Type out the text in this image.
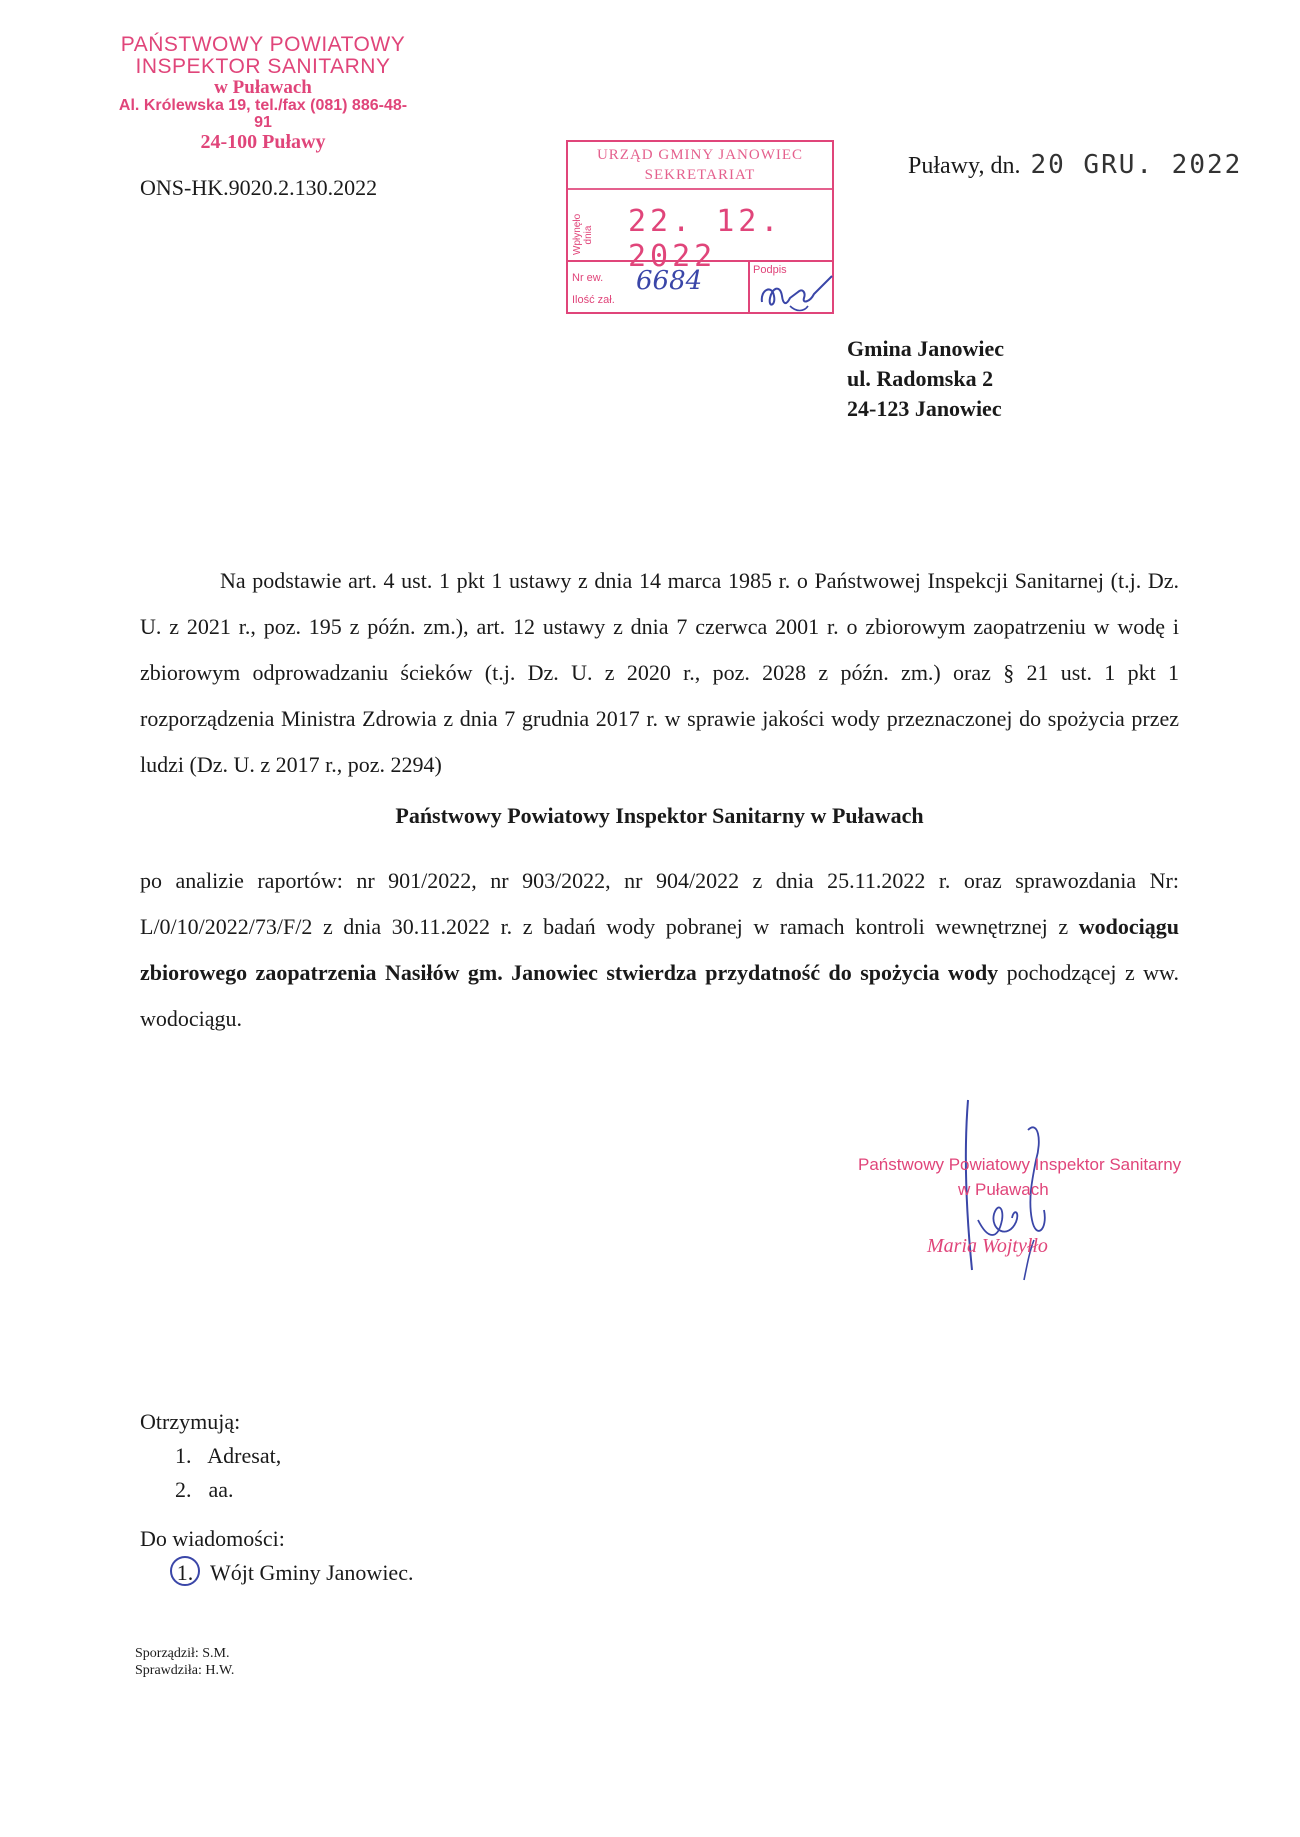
PAŃSTWOWY POWIATOWY
INSPEKTOR SANITARNY
w Puławach
Al. Królewska 19, tel./fax (081) 886-48-91
24-100 Puławy
ONS-HK.9020.2.130.2022
URZĄD GMINY JANOWIEC
SEKRETARIAT
Wpłynęło dnia 22. 12. 2022
Nr ew.
Ilość zał.
6684	Podpis
Puławy, dn. 20 GRU. 2022
Gmina Janowiec
ul. Radomska 2
24-123 Janowiec

Na podstawie art. 4 ust. 1 pkt 1 ustawy z dnia 14 marca 1985 r. o Państwowej Inspekcji Sanitarnej (t.j. Dz. U. z 2021 r., poz. 195 z późn. zm.), art. 12 ustawy z dnia 7 czerwca 2001 r. o zbiorowym zaopatrzeniu w wodę i zbiorowym odprowadzaniu ścieków (t.j. Dz. U. z 2020 r., poz. 2028 z późn. zm.) oraz § 21 ust. 1 pkt 1 rozporządzenia Ministra Zdrowia z dnia 7 grudnia 2017 r. w sprawie jakości wody przeznaczonej do spożycia przez ludzi (Dz. U. z 2017 r., poz. 2294)

Państwowy Powiatowy Inspektor Sanitarny w Puławach
po analizie raportów: nr 901/2022, nr 903/2022, nr 904/2022 z dnia 25.11.2022 r. oraz sprawozdania Nr: L/0/10/2022/73/F/2 z dnia 30.11.2022 r. z badań wody pobranej w ramach kontroli wewnętrznej z wodociągu zbiorowego zaopatrzenia Nasiłów gm. Janowiec stwierdza przydatność do spożycia wody pochodzącej z ww. wodociągu.
Państwowy Powiatowy Inspektor Sanitarny
w Puławach
Maria Wojtyłło
Otrzymują:
1. Adresat,
2. aa.
Do wiadomości:
1. Wójt Gminy Janowiec.
Sporządził: S.M.
Sprawdziła: H.W.
